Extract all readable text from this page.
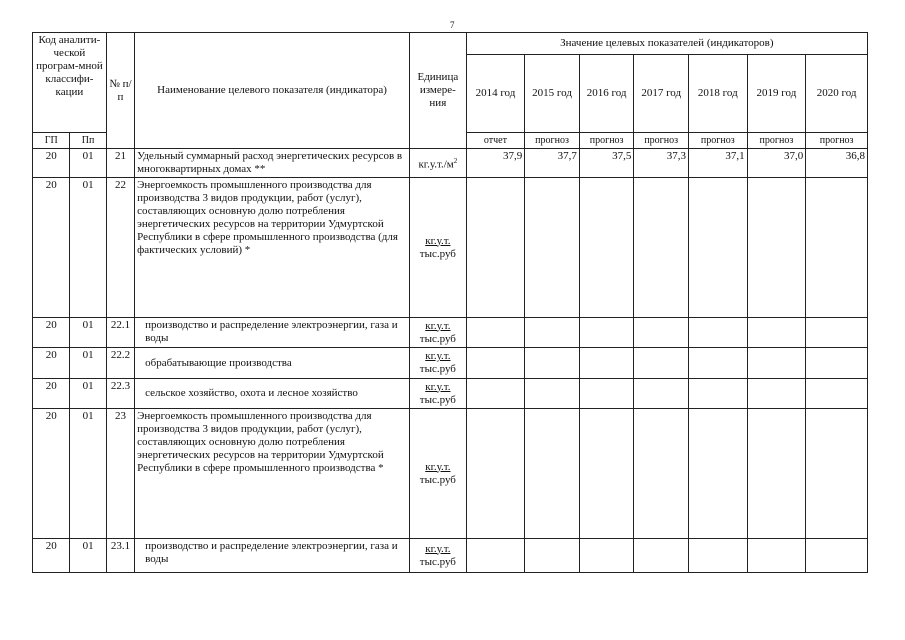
7
Код аналити-ческой програм-мной классифи-кации		№ п/п	Наименование целевого показателя (индикатора)	Единица измере-ния	Значение целевых показателей (индикаторов)						
					2014 год	2015 год	2016 год	2017 год	2018 год	2019 год	2020 год
ГП	Пп				отчет	прогноз	прогноз	прогноз	прогноз	прогноз	прогноз
20	01	21	Удельный суммарный расход энергетических ресурсов в многоквартирных домах **	$кг.у.т./м^2$	37,9	37,7	37,5	37,3	37,1	37,0	36,8
20	01	22	Энергоемкость промышленного производства для производства 3 видов продукции, работ (услуг), составляющих основную долю потребления энергетических ресурсов на территории Удмуртской Республики в сфере промышленного производства (для фактических условий) *	кг.у.т.
тыс.руб							
20	01	22.1	производство и распределение электроэнергии, газа и воды	кг.у.т.
тыс.руб							
20	01	22.2	обрабатывающие производства	кг.у.т.
тыс.руб							
20	01	22.3	сельское хозяйство, охота и лесное хозяйство	кг.у.т.
тыс.руб							
20	01	23	Энергоемкость промышленного производства для производства 3 видов продукции, работ (услуг), составляющих основную долю потребления энергетических ресурсов на территории Удмуртской Республики в сфере промышленного производства *	кг.у.т.
тыс.руб							
20	01	23.1	производство и распределение электроэнергии, газа и воды	кг.у.т.
тыс.руб							
